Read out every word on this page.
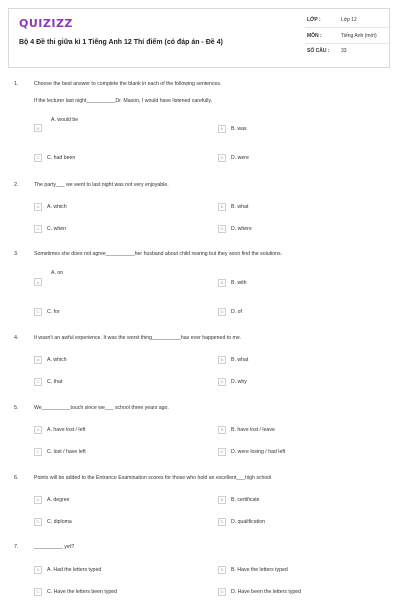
QUIZIZZ
Bộ 4 Đề thi giữa kì 1 Tiếng Anh 12 Thí điểm (có đáp án - Đề 4)
LỚP :	Lớp 12
MÔN :	Tiếng Anh (mới)
SỐ CÂU : 33
1.	Choose the best answer to complete the blank in each of the following sentences.
If the lecturer last night__________Dr. Mason, I would have listened carefully.
A. would be
A	B	B. was
C	C. had been	D	D. were
2.	The party___ we went to last night was not very enjoyable.
A	A. which	B	B. what
C	C. when	D	D. where
3.	Sometimes she does not agree__________her husband about child rearing but they soon find the solutions.
A. on
A	B	B. with
C	C. for	D	D. of
4.	It wasn't an awful experience. It was the worst thing__________has ever happened to me.
A	A. which	B	B. what
C	C. that	D	D. why
5.	We__________touch since we___ school three years ago.
A	A. have lost / left	B	B. have lost / leave
C	C. lost / have left	D	D. were losing / had left
6.	Points will be added to the Entrance Examination scores for those who hold an excellent___high school
A	A. degree	B	B. certificate
C	C. diploma	D	D. qualification
7.	__________ yet?
A	A. Had the letters typed	B	B. Have the letters typed
C	C. Have the letters been typed	D	D. Have been the letters typed
